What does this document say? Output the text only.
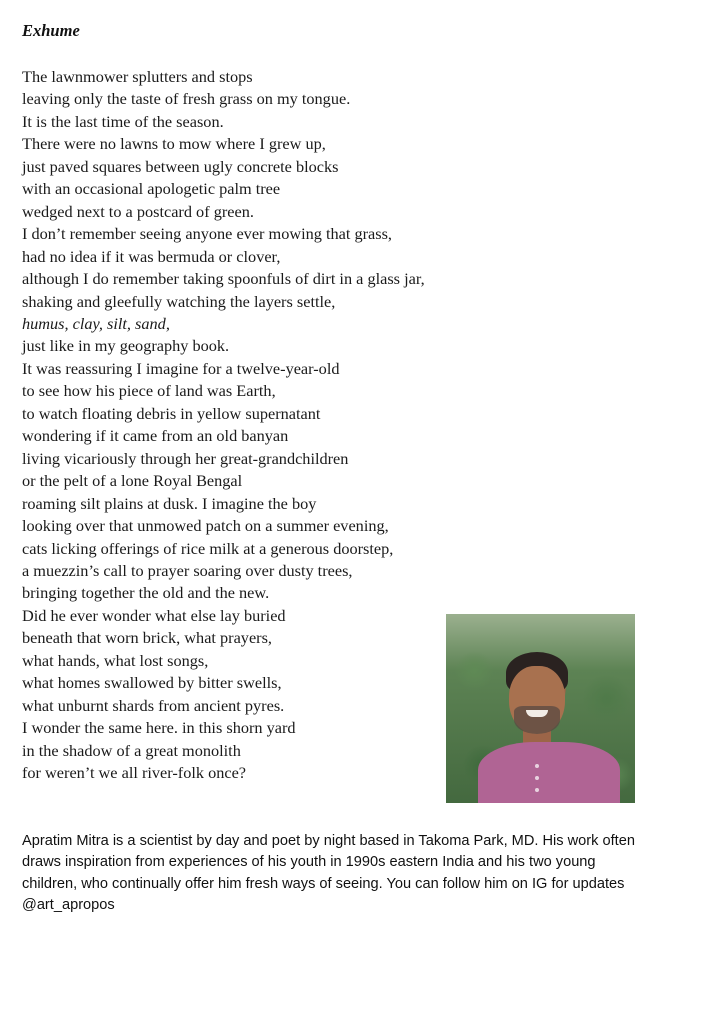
Exhume
The lawnmower splutters and stops
leaving only the taste of fresh grass on my tongue.
It is the last time of the season.
There were no lawns to mow where I grew up,
just paved squares between ugly concrete blocks
with an occasional apologetic palm tree
wedged next to a postcard of green.
I don’t remember seeing anyone ever mowing that grass,
had no idea if it was bermuda or clover,
although I do remember taking spoonfuls of dirt in a glass jar,
shaking and gleefully watching the layers settle,
humus, clay, silt, sand,
just like in my geography book.
It was reassuring I imagine for a twelve-year-old
to see how his piece of land was Earth,
to watch floating debris in yellow supernatant
wondering if it came from an old banyan
living vicariously through her great-grandchildren
or the pelt of a lone Royal Bengal
roaming silt plains at dusk. I imagine the boy
looking over that unmowed patch on a summer evening,
cats licking offerings of rice milk at a generous doorstep,
a muezzin’s call to prayer soaring over dusty trees,
bringing together the old and the new.
Did he ever wonder what else lay buried
beneath that worn brick, what prayers,
what hands, what lost songs,
what homes swallowed by bitter swells,
what unburnt shards from ancient pyres.
I wonder the same here. in this shorn yard
in the shadow of a great monolith
for weren’t we all river-folk once?

Apratim Mitra is a scientist by day and poet by night based in Takoma Park, MD. His work often
draws inspiration from experiences of his youth in 1990s eastern India and his two young
children, who continually offer him fresh ways of seeing. You can follow him on IG for updates
@art_apropos
